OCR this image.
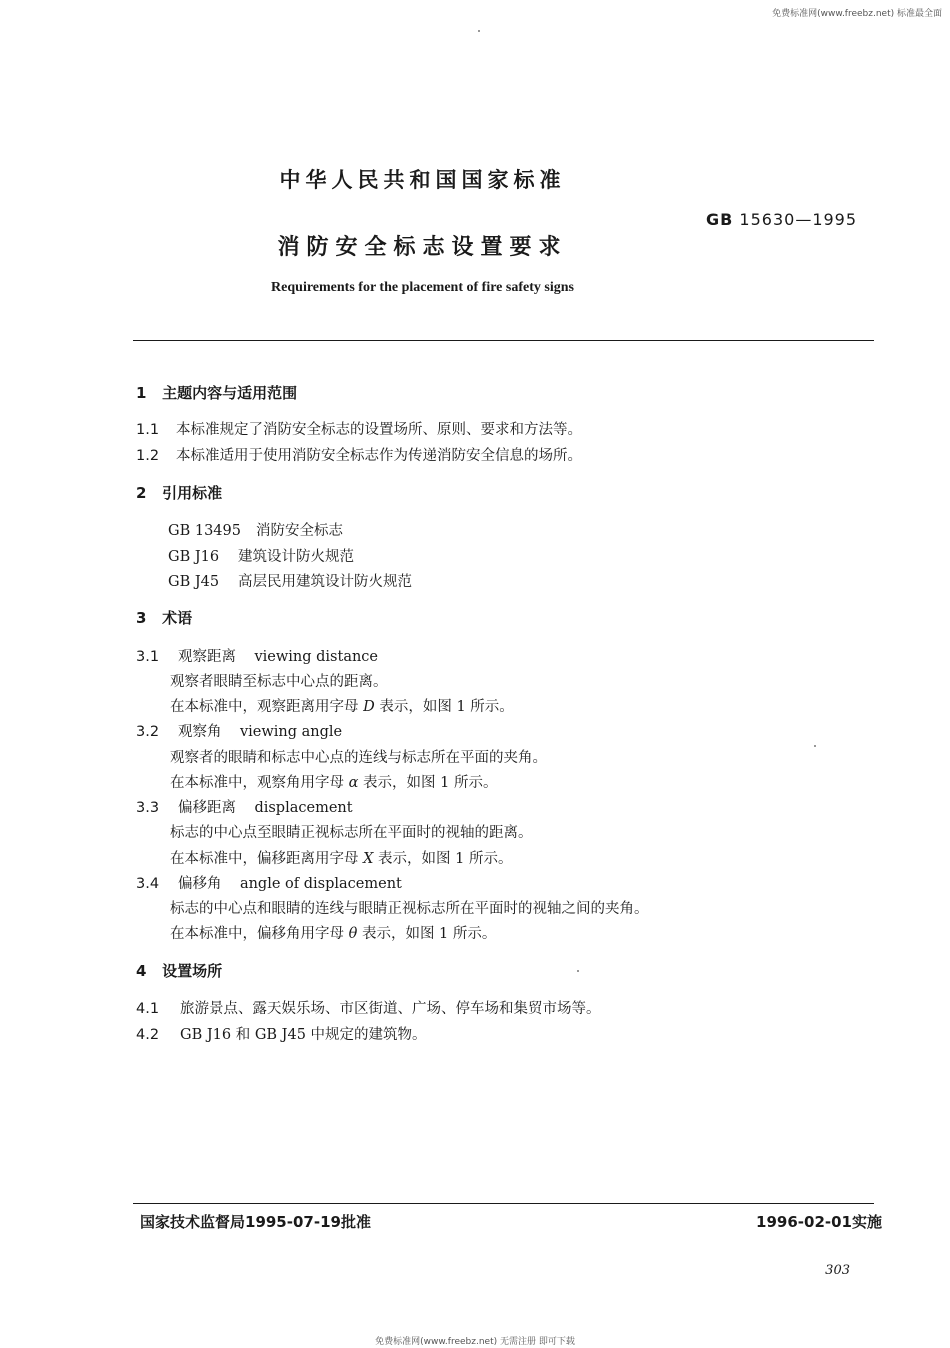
免费标准网(www.freebz.net) 标准最全面
中华人民共和国国家标准
GB 15630—1995
消防安全标志设置要求
Requirements for the placement of fire safety signs
1 主题内容与适用范围
1.1 本标准规定了消防安全标志的设置场所、原则、要求和方法等。
1.2 本标准适用于使用消防安全标志作为传递消防安全信息的场所。
2 引用标准
GB 13495 消防安全标志
GB J16 建筑设计防火规范
GB J45 高层民用建筑设计防火规范
3 术语
3.1 观察距离 viewing distance
观察者眼睛至标志中心点的距离。
在本标准中，观察距离用字母 D 表示，如图 1 所示。
3.2 观察角 viewing angle
观察者的眼睛和标志中心点的连线与标志所在平面的夹角。
在本标准中，观察角用字母 α 表示，如图 1 所示。
3.3 偏移距离 displacement
标志的中心点至眼睛正视标志所在平面时的视轴的距离。
在本标准中，偏移距离用字母 X 表示，如图 1 所示。
3.4 偏移角 angle of displacement
标志的中心点和眼睛的连线与眼睛正视标志所在平面时的视轴之间的夹角。
在本标准中，偏移角用字母 θ 表示，如图 1 所示。
4 设置场所
4.1 旅游景点、露天娱乐场、市区街道、广场、停车场和集贸市场等。
4.2 GB J16 和 GB J45 中规定的建筑物。
国家技术监督局1995-07-19批准	1996-02-01实施
303
免费标准网(www.freebz.net) 无需注册 即可下载
